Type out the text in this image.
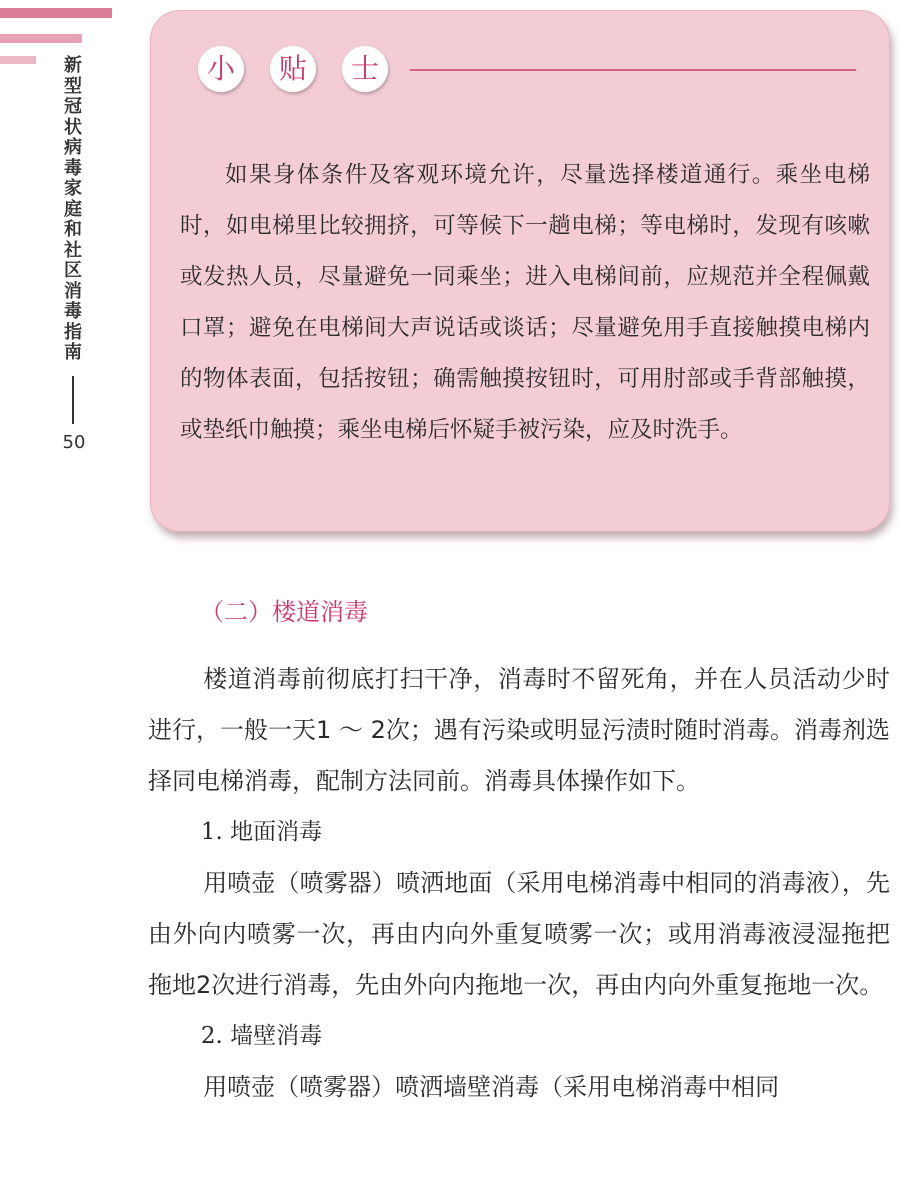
新型冠状病毒家庭和社区消毒指南
50
小	贴	士

如果身体条件及客观环境允许，尽量选择楼道通行。乘坐电梯时，如电梯里比较拥挤，可等候下一趟电梯；等电梯时，发现有咳嗽或发热人员，尽量避免一同乘坐；进入电梯间前，应规范并全程佩戴口罩；避免在电梯间大声说话或谈话；尽量避免用手直接触摸电梯内的物体表面，包括按钮；确需触摸按钮时，可用肘部或手背部触摸，或垫纸巾触摸；乘坐电梯后怀疑手被污染，应及时洗手。

（二）楼道消毒

楼道消毒前彻底打扫干净，消毒时不留死角，并在人员活动少时进行，一般一天1 ～ 2次；遇有污染或明显污渍时随时消毒。消毒剂选择同电梯消毒，配制方法同前。消毒具体操作如下。

1. 地面消毒

用喷壶（喷雾器）喷洒地面（采用电梯消毒中相同的消毒液），先由外向内喷雾一次，再由内向外重复喷雾一次；或用消毒液浸湿拖把拖地2次进行消毒，先由外向内拖地一次，再由内向外重复拖地一次。

2. 墙壁消毒

用喷壶（喷雾器）喷洒墙壁消毒（采用电梯消毒中相同
